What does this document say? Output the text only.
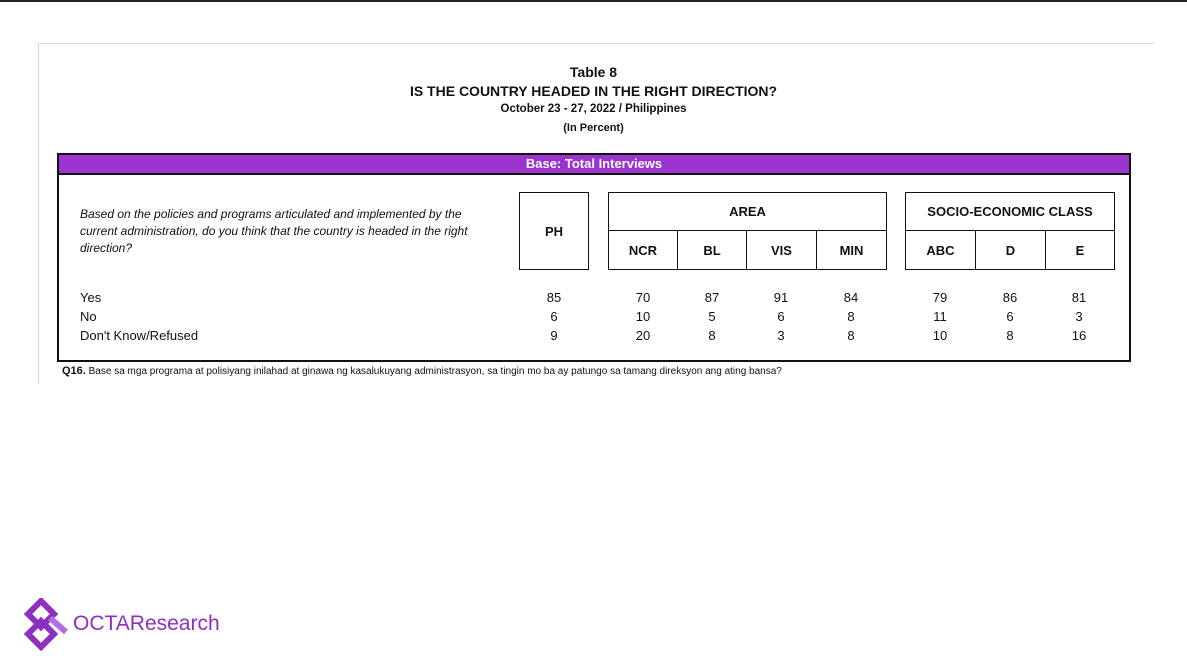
Table 8
IS THE COUNTRY HEADED IN THE RIGHT DIRECTION?
October 23 - 27, 2022 / Philippines
(In Percent)
Base: Total Interviews
Based on the policies and programs articulated and implemented by the current administration, do you think that the country is headed in the right direction?
PH
AREA
NCR	BL	VIS	MIN
SOCIO-ECONOMIC CLASS
ABC	D	E
Yes	85	70	87	91	84	79	86	81
No	6	10	5	6	8	11	6	3
Don't Know/Refused	9	20	8	3	8	10	8	16
Q16. Base sa mga programa at polisiyang inilahad at ginawa ng kasalukuyang administrasyon, sa tingin mo ba ay patungo sa tamang direksyon ang ating bansa?
OCTAResearch
